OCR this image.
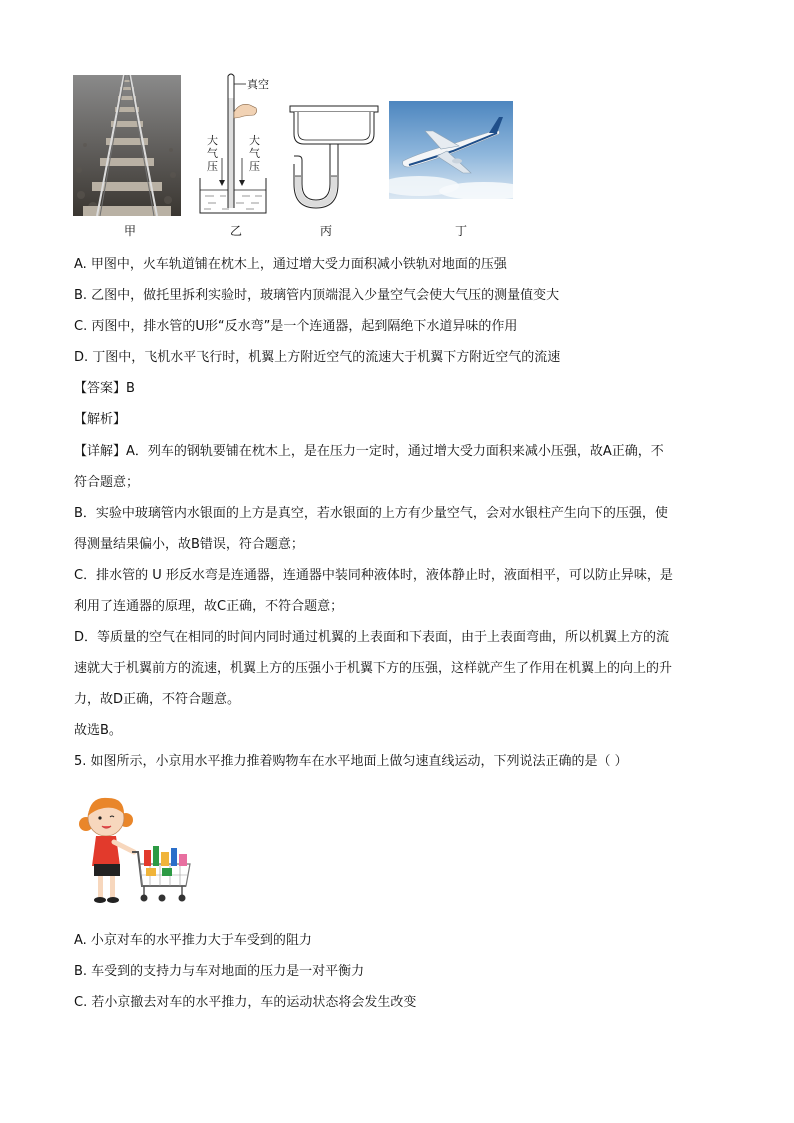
真空
大
气
压
大
气
压
甲	乙	丙	丁
A. 甲图中，火车轨道铺在枕木上，通过增大受力面积减小铁轨对地面的压强
B. 乙图中，做托里拆利实验时，玻璃管内顶端混入少量空气会使大气压的测量值变大
C. 丙图中，排水管的U形“反水弯”是一个连通器，起到隔绝下水道异味的作用
D. 丁图中，飞机水平飞行时，机翼上方附近空气的流速大于机翼下方附近空气的流速
【答案】B
【解析】
【详解】A．列车的钢轨要铺在枕木上，是在压力一定时，通过增大受力面积来减小压强，故A正确，不
符合题意；
B．实验中玻璃管内水银面的上方是真空，若水银面的上方有少量空气，会对水银柱产生向下的压强，使
得测量结果偏小，故B错误，符合题意；
C．排水管的 U 形反水弯是连通器，连通器中装同种液体时，液体静止时，液面相平，可以防止异味，是
利用了连通器的原理，故C正确，不符合题意；
D．等质量的空气在相同的时间内同时通过机翼的上表面和下表面，由于上表面弯曲，所以机翼上方的流
速就大于机翼前方的流速，机翼上方的压强小于机翼下方的压强，这样就产生了作用在机翼上的向上的升
力，故D正确，不符合题意。
故选B。
5. 如图所示，小京用水平推力推着购物车在水平地面上做匀速直线运动，下列说法正确的是（ ）
A. 小京对车的水平推力大于车受到的阻力
B. 车受到的支持力与车对地面的压力是一对平衡力
C. 若小京撤去对车的水平推力，车的运动状态将会发生改变
